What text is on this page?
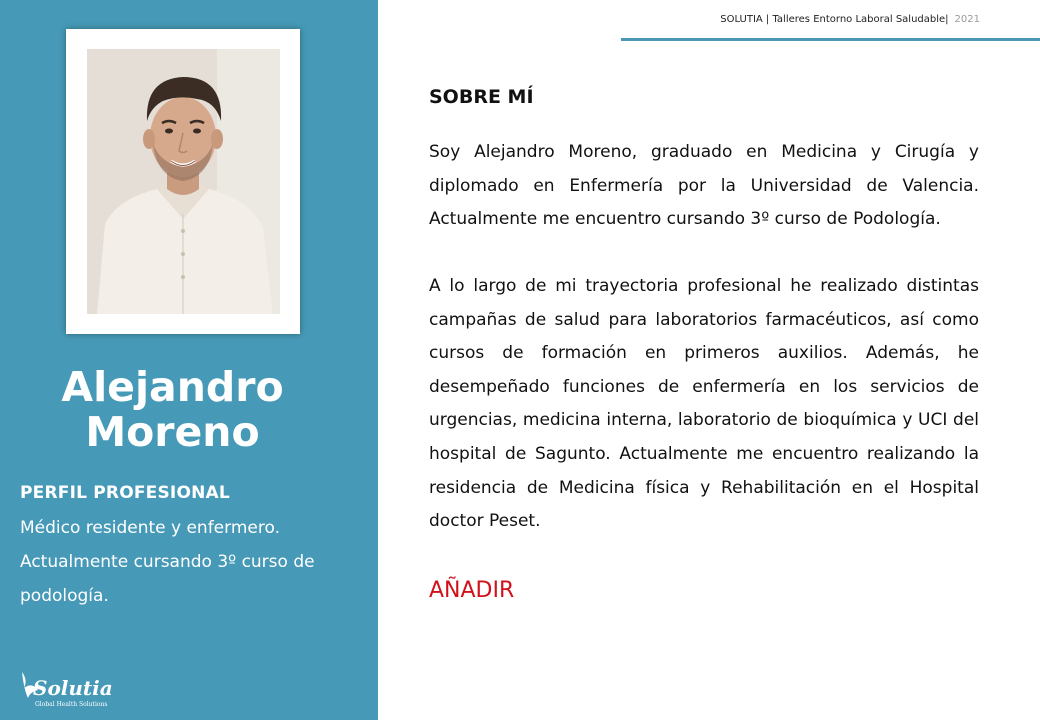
Alejandro
Moreno
PERFIL PROFESIONAL
Médico residente y enfermero. Actualmente cursando 3º curso de podología.
Solutia
Global Health Solutions
SOLUTIA | Talleres Entorno Laboral Saludable| 2021
SOBRE MÍ

Soy Alejandro Moreno, graduado en Medicina y Cirugía y diplomado en Enfermería por la Universidad de Valencia. Actualmente me encuentro cursando 3º curso de Podología.

A lo largo de mi trayectoria profesional he realizado distintas campañas de salud para laboratorios farmacéuticos, así como cursos de formación en primeros auxilios. Además, he desempeñado funciones de enfermería en los servicios de urgencias, medicina interna, laboratorio de bioquímica y UCI del hospital de Sagunto. Actualmente me encuentro realizando la residencia de Medicina física y Rehabilitación en el Hospital doctor Peset.

AÑADIR
